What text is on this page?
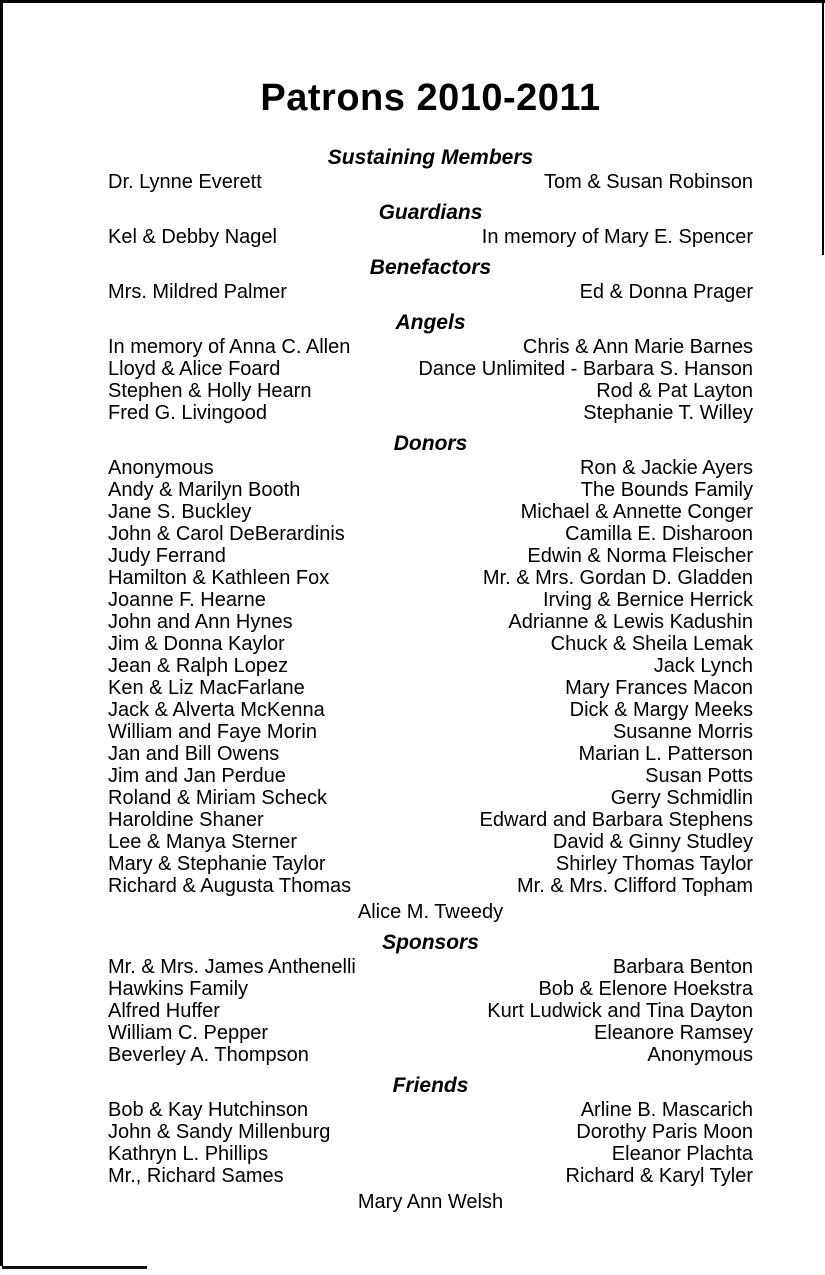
Patrons 2010-2011
Sustaining Members
Dr. Lynne Everett	Tom & Susan Robinson
Guardians
Kel & Debby Nagel	In memory of Mary E. Spencer
Benefactors
Mrs. Mildred Palmer	Ed & Donna Prager
Angels
In memory of Anna C. Allen	Chris & Ann Marie Barnes
Lloyd & Alice Foard	Dance Unlimited - Barbara S. Hanson
Stephen & Holly Hearn	Rod & Pat Layton
Fred G. Livingood	Stephanie T. Willey
Donors
Anonymous	Ron & Jackie Ayers
Andy & Marilyn Booth	The Bounds Family
Jane S. Buckley	Michael & Annette Conger
John & Carol DeBerardinis	Camilla E. Disharoon
Judy Ferrand	Edwin & Norma Fleischer
Hamilton & Kathleen Fox	Mr. & Mrs. Gordan D. Gladden
Joanne F. Hearne	Irving & Bernice Herrick
John and Ann Hynes	Adrianne & Lewis Kadushin
Jim & Donna Kaylor	Chuck & Sheila Lemak
Jean & Ralph Lopez	Jack Lynch
Ken & Liz MacFarlane	Mary Frances Macon
Jack & Alverta McKenna	Dick & Margy Meeks
William and Faye Morin	Susanne Morris
Jan and Bill Owens	Marian L. Patterson
Jim and Jan Perdue	Susan Potts
Roland & Miriam Scheck	Gerry Schmidlin
Haroldine Shaner	Edward and Barbara Stephens
Lee & Manya Sterner	David & Ginny Studley
Mary & Stephanie Taylor	Shirley Thomas Taylor
Richard & Augusta Thomas	Mr. & Mrs. Clifford Topham
Alice M. Tweedy
Sponsors
Mr. & Mrs. James Anthenelli	Barbara Benton
Hawkins Family	Bob & Elenore Hoekstra
Alfred Huffer	Kurt Ludwick and Tina Dayton
William C. Pepper	Eleanore Ramsey
Beverley A. Thompson	Anonymous
Friends
Bob & Kay Hutchinson	Arline B. Mascarich
John & Sandy Millenburg	Dorothy Paris Moon
Kathryn L. Phillips	Eleanor Plachta
Mr., Richard Sames	Richard & Karyl Tyler
Mary Ann Welsh
